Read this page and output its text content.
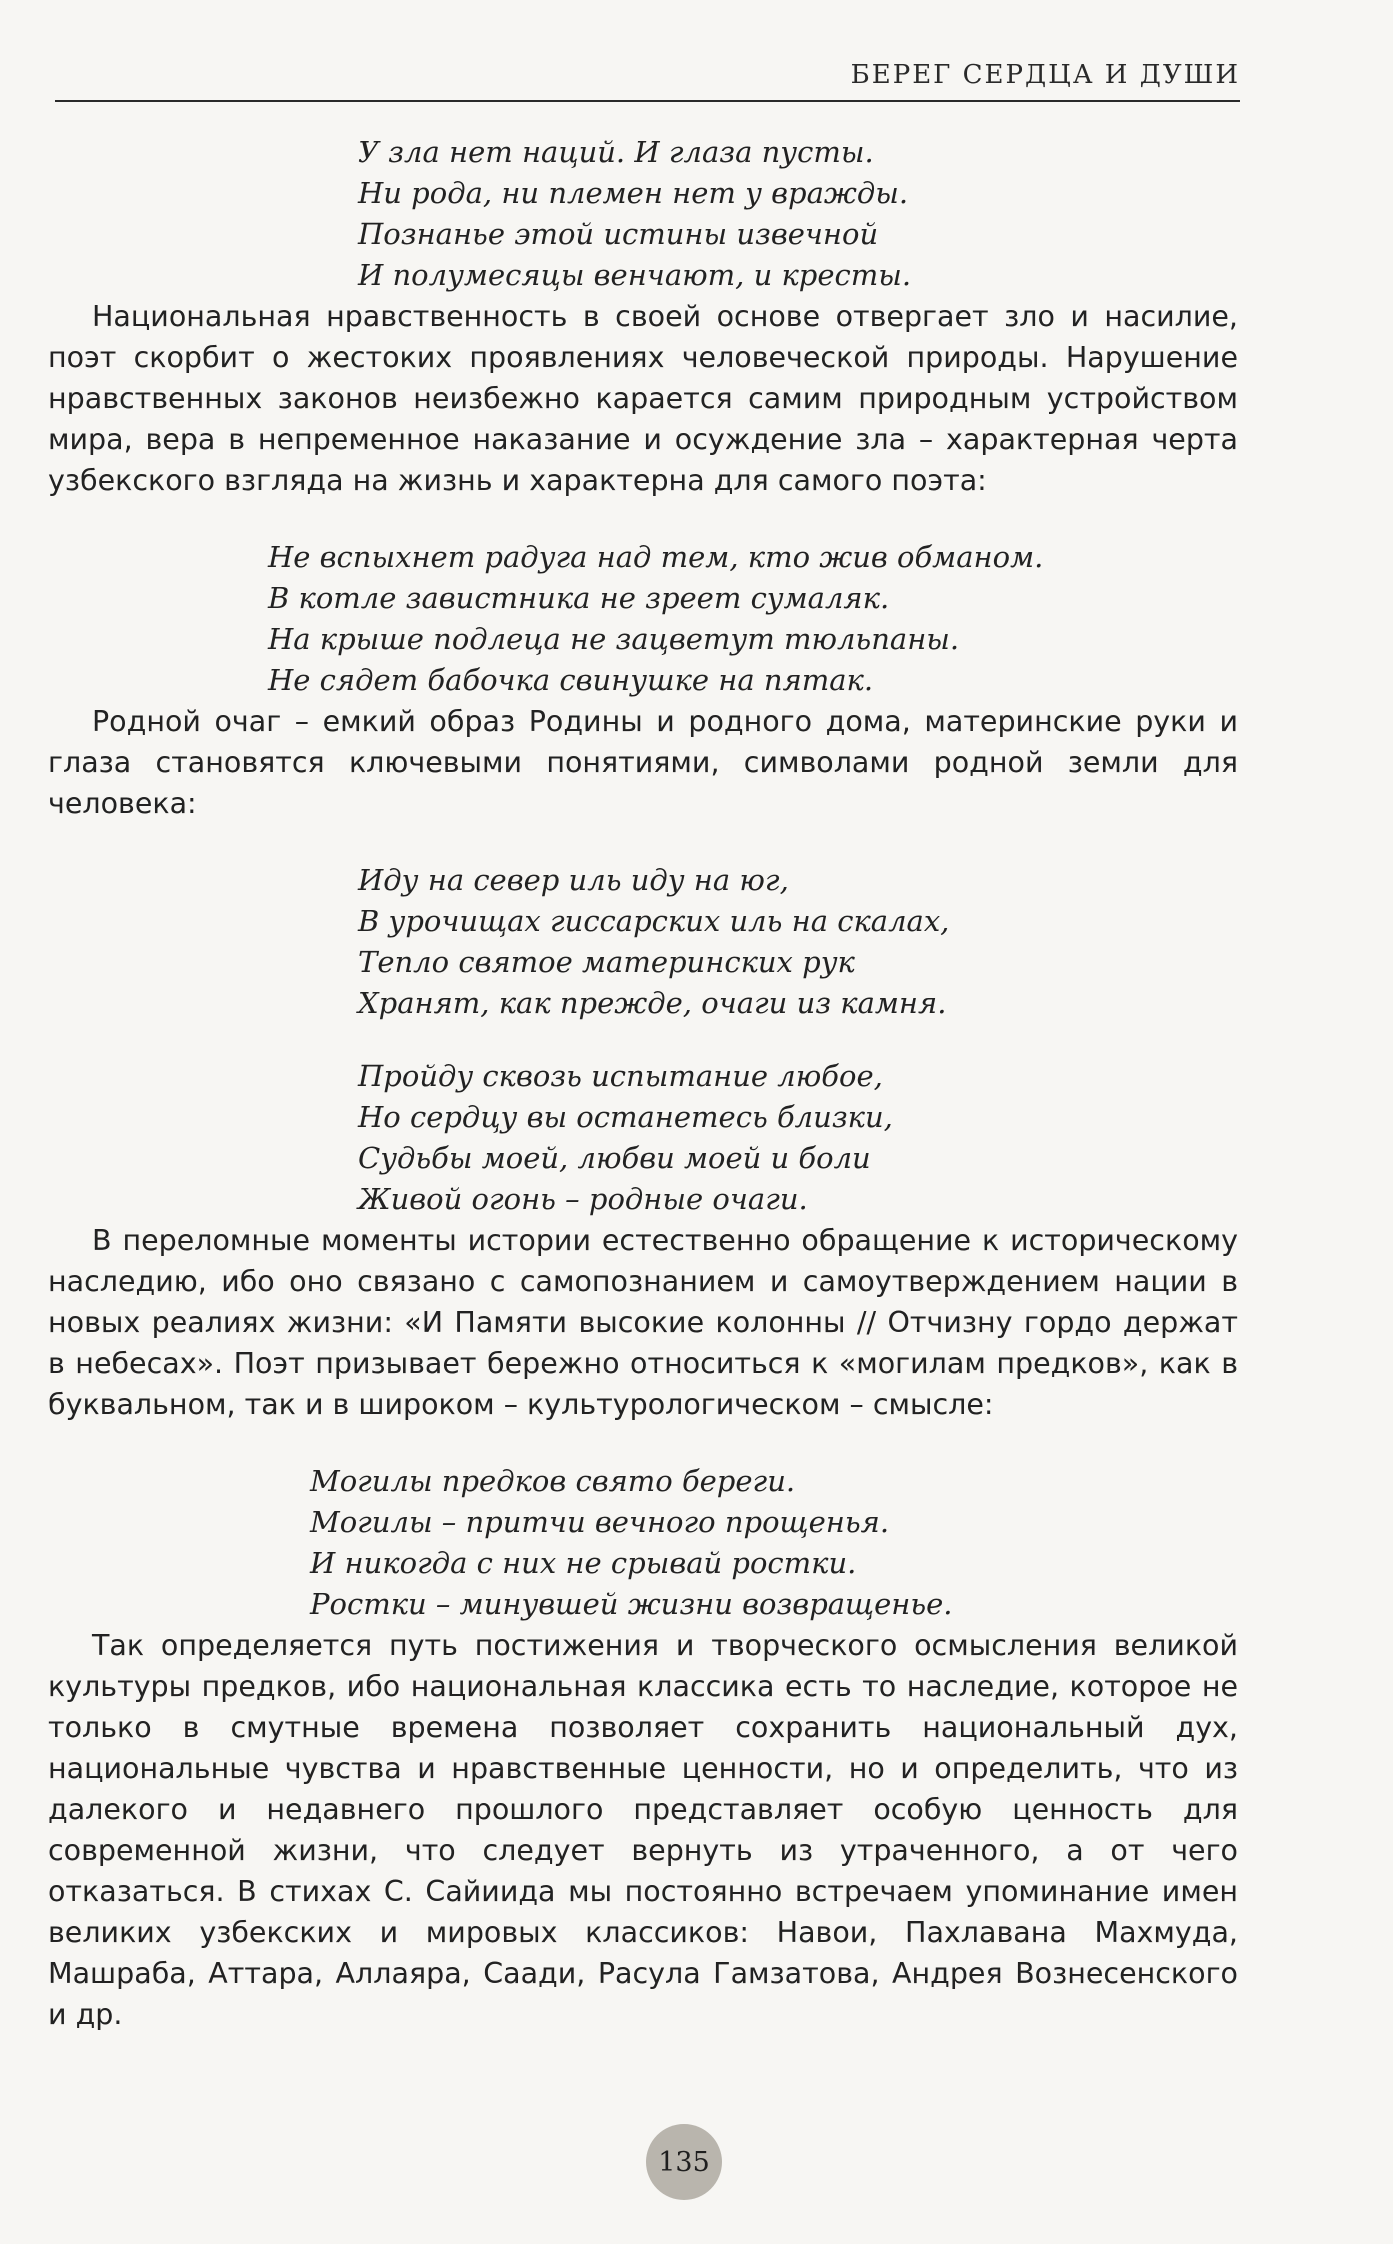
БЕРЕГ СЕРДЦА И ДУШИ
У зла нет наций. И глаза пусты.
Ни рода, ни племен нет у вражды.
Познанье этой истины извечной
И полумесяцы венчают, и кресты.

Национальная нравственность в своей основе отвергает зло и насилие, поэт скорбит о жестоких проявлениях человеческой природы. Нарушение нравственных законов неизбежно карается самим природным устройством мира, вера в непременное наказание и осуждение зла – характерная черта узбекского взгляда на жизнь и характерна для самого поэта:

Не вспыхнет радуга над тем, кто жив обманом.
В котле завистника не зреет сумаляк.
На крыше подлеца не зацветут тюльпаны.
Не сядет бабочка свинушке на пятак.

Родной очаг – емкий образ Родины и родного дома, материнские руки и глаза становятся ключевыми понятиями, символами родной земли для человека:

Иду на север иль иду на юг,
В урочищах гиссарских иль на скалах,
Тепло святое материнских рук
Хранят, как прежде, очаги из камня.
Пройду сквозь испытание любое,
Но сердцу вы останетесь близки,
Судьбы моей, любви моей и боли
Живой огонь – родные очаги.

В переломные моменты истории естественно обращение к историческому наследию, ибо оно связано с самопознанием и самоутверждением нации в новых реалиях жизни: «И Памяти высокие колонны // Отчизну гордо держат в небесах». Поэт призывает бережно относиться к «могилам предков», как в буквальном, так и в широком – культурологическом – смысле:

Могилы предков свято береги.
Могилы – притчи вечного прощенья.
И никогда с них не срывай ростки.
Ростки – минувшей жизни возвращенье.

Так определяется путь постижения и творческого осмысления великой культуры предков, ибо национальная классика есть то наследие, которое не только в смутные времена позволяет сохранить национальный дух, национальные чувства и нравственные ценности, но и определить, что из далекого и недавнего прошлого представляет особую ценность для современной жизни, что следует вернуть из утраченного, а от чего отказаться. В стихах С. Сайиида мы постоянно встречаем упоминание имен великих узбекских и мировых классиков: Навои, Пахлавана Махмуда, Машраба, Аттара, Аллаяра, Саади, Расула Гамзатова, Андрея Вознесенского и др.

135
